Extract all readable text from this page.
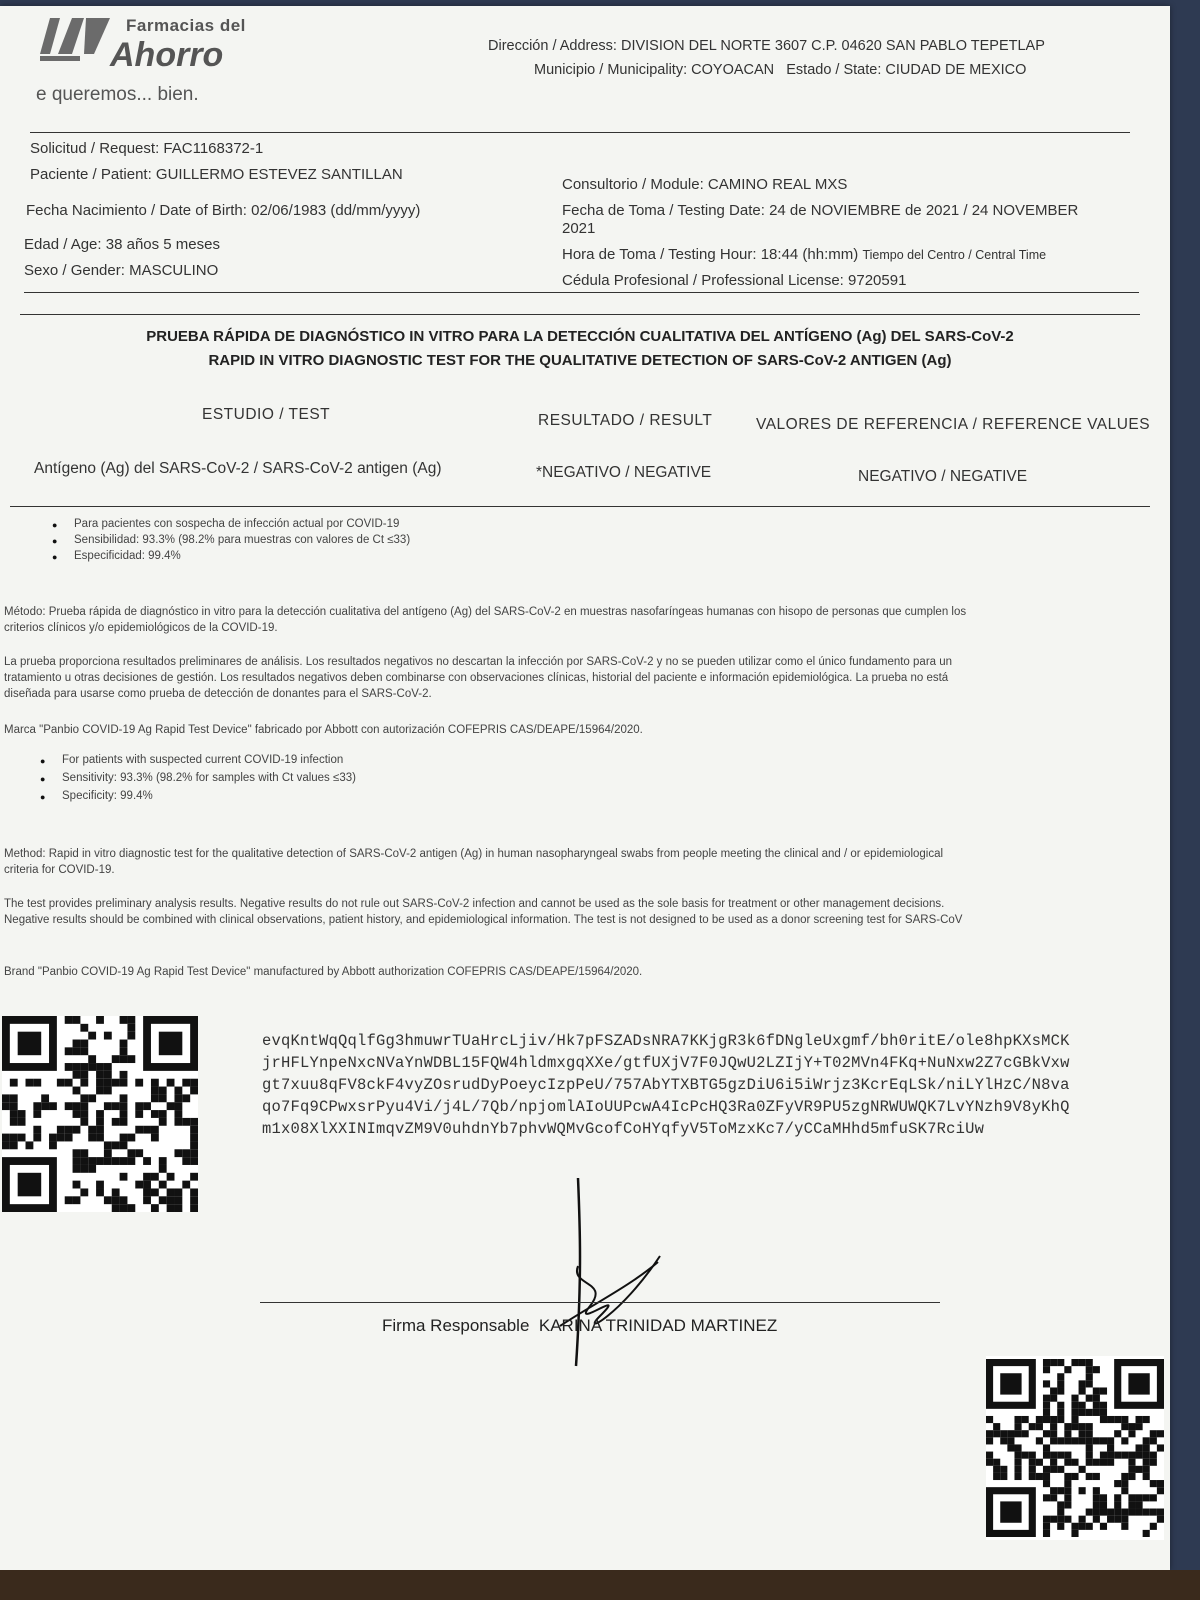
Farmacias del
Ahorro
e queremos... bien.
Dirección / Address: DIVISION DEL NORTE 3607 C.P. 04620 SAN PABLO TEPETLAP
Municipio / Municipality: COYOACAN Estado / State: CIUDAD DE MEXICO
Solicitud / Request: FAC1168372-1
Paciente / Patient: GUILLERMO ESTEVEZ SANTILLAN
Fecha Nacimiento / Date of Birth: 02/06/1983 (dd/mm/yyyy)
Edad / Age: 38 años 5 meses
Sexo / Gender: MASCULINO
Consultorio / Module: CAMINO REAL MXS
Fecha de Toma / Testing Date: 24 de NOVIEMBRE de 2021 / 24 NOVEMBER
2021
Hora de Toma / Testing Hour: 18:44 (hh:mm) Tiempo del Centro / Central Time
Cédula Profesional / Professional License: 9720591
PRUEBA RÁPIDA DE DIAGNÓSTICO IN VITRO PARA LA DETECCIÓN CUALITATIVA DEL ANTÍGENO (Ag) DEL SARS-CoV-2
RAPID IN VITRO DIAGNOSTIC TEST FOR THE QUALITATIVE DETECTION OF SARS-CoV-2 ANTIGEN (Ag)
ESTUDIO / TEST	RESULTADO / RESULT	VALORES DE REFERENCIA / REFERENCE VALUES
Antígeno (Ag) del SARS-CoV-2 / SARS-CoV-2 antigen (Ag)	*NEGATIVO / NEGATIVE	NEGATIVO / NEGATIVE
● Para pacientes con sospecha de infección actual por COVID-19
● Sensibilidad: 93.3% (98.2% para muestras con valores de Ct ≤33)
● Especificidad: 99.4%
Método: Prueba rápida de diagnóstico in vitro para la detección cualitativa del antígeno (Ag) del SARS-CoV-2 en muestras nasofaríngeas humanas con hisopo de personas que cumplen los
criterios clínicos y/o epidemiológicos de la COVID-19.
La prueba proporciona resultados preliminares de análisis. Los resultados negativos no descartan la infección por SARS-CoV-2 y no se pueden utilizar como el único fundamento para un
tratamiento u otras decisiones de gestión. Los resultados negativos deben combinarse con observaciones clínicas, historial del paciente e información epidemiológica. La prueba no está
diseñada para usarse como prueba de detección de donantes para el SARS-CoV-2.
Marca "Panbio COVID-19 Ag Rapid Test Device" fabricado por Abbott con autorización COFEPRIS CAS/DEAPE/15964/2020.
● For patients with suspected current COVID-19 infection
● Sensitivity: 93.3% (98.2% for samples with Ct values ≤33)
● Specificity: 99.4%
Method: Rapid in vitro diagnostic test for the qualitative detection of SARS-CoV-2 antigen (Ag) in human nasopharyngeal swabs from people meeting the clinical and / or epidemiological
criteria for COVID-19.
The test provides preliminary analysis results. Negative results do not rule out SARS-CoV-2 infection and cannot be used as the sole basis for treatment or other management decisions.
Negative results should be combined with clinical observations, patient history, and epidemiological information. The test is not designed to be used as a donor screening test for SARS-CoV
Brand "Panbio COVID-19 Ag Rapid Test Device" manufactured by Abbott authorization COFEPRIS CAS/DEAPE/15964/2020.
evqKntWqQqlfGg3hmuwrTUaHrcLjiv/Hk7pFSZADsNRA7KKjgR3k6fDNgleUxgmf/bh0ritE/ole8hpKXsMCK
jrHFLYnpeNxcNVaYnWDBL15FQW4hldmxgqXXe/gtfUXjV7F0JQwU2LZIjY+T02MVn4FKq+NuNxw2Z7cGBkVxw
gt7xuu8qFV8ckF4vyZOsrudDyPoeycIzpPeU/757AbYTXBTG5gzDiU6i5iWrjz3KcrEqLSk/niLYlHzC/N8va
qo7Fq9CPwxsrPyu4Vi/j4L/7Qb/npjomlAIoUUPcwA4IcPcHQ3Ra0ZFyVR9PU5zgNRWUWQK7LvYNzh9V8yKhQ
m1x08XlXXINImqvZM9V0uhdnYb7phvWQMvGcofCoHYqfyV5ToMzxKc7/yCCaMHhd5mfuSK7RciUw
Firma Responsable KARINA TRINIDAD MARTINEZ
